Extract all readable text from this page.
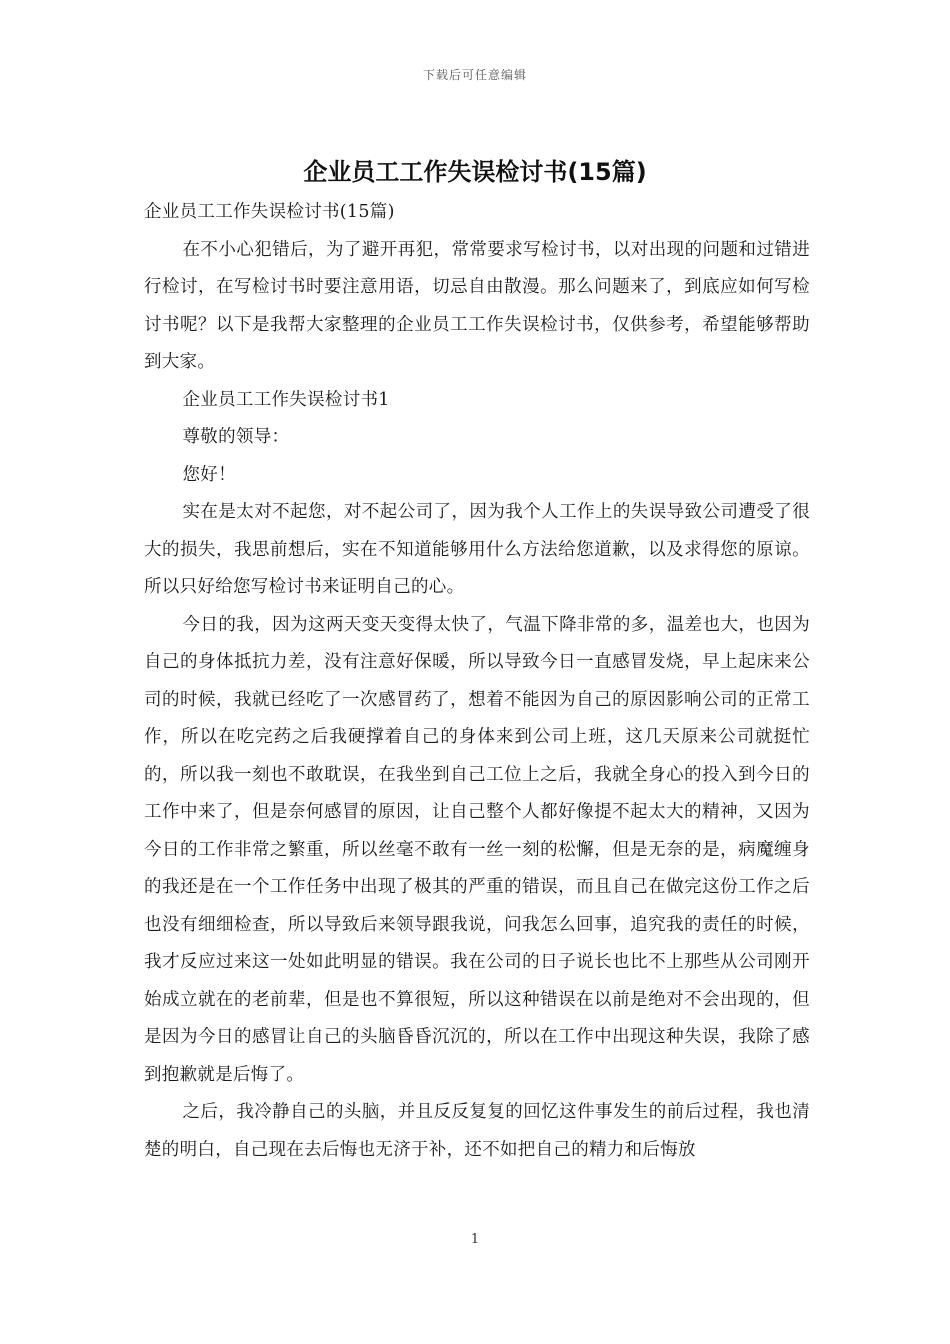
下载后可任意编辑
企业员工工作失误检讨书(15篇)

企业员工工作失误检讨书(15篇)

在不小心犯错后，为了避开再犯，常常要求写检讨书，以对出现的问题和过错进行检讨，在写检讨书时要注意用语，切忌自由散漫。那么问题来了，到底应如何写检讨书呢？以下是我帮大家整理的企业员工工作失误检讨书，仅供参考，希望能够帮助到大家。

企业员工工作失误检讨书1

尊敬的领导：

您好！

实在是太对不起您，对不起公司了，因为我个人工作上的失误导致公司遭受了很大的损失，我思前想后，实在不知道能够用什么方法给您道歉，以及求得您的原谅。所以只好给您写检讨书来证明自己的心。

今日的我，因为这两天变天变得太快了，气温下降非常的多，温差也大，也因为自己的身体抵抗力差，没有注意好保暖，所以导致今日一直感冒发烧，早上起床来公司的时候，我就已经吃了一次感冒药了，想着不能因为自己的原因影响公司的正常工作，所以在吃完药之后我硬撑着自己的身体来到公司上班，这几天原来公司就挺忙的，所以我一刻也不敢耽误，在我坐到自己工位上之后，我就全身心的投入到今日的工作中来了，但是奈何感冒的原因，让自己整个人都好像提不起太大的精神，又因为今日的工作非常之繁重，所以丝毫不敢有一丝一刻的松懈，但是无奈的是，病魔缠身的我还是在一个工作任务中出现了极其的严重的错误，而且自己在做完这份工作之后也没有细细检查，所以导致后来领导跟我说，问我怎么回事，追究我的责任的时候，我才反应过来这一处如此明显的错误。我在公司的日子说长也比不上那些从公司刚开始成立就在的老前辈，但是也不算很短，所以这种错误在以前是绝对不会出现的，但是因为今日的感冒让自己的头脑昏昏沉沉的，所以在工作中出现这种失误，我除了感到抱歉就是后悔了。

之后，我冷静自己的头脑，并且反反复复的回忆这件事发生的前后过程，我也清楚的明白，自己现在去后悔也无济于补，还不如把自己的精力和后悔放

1
